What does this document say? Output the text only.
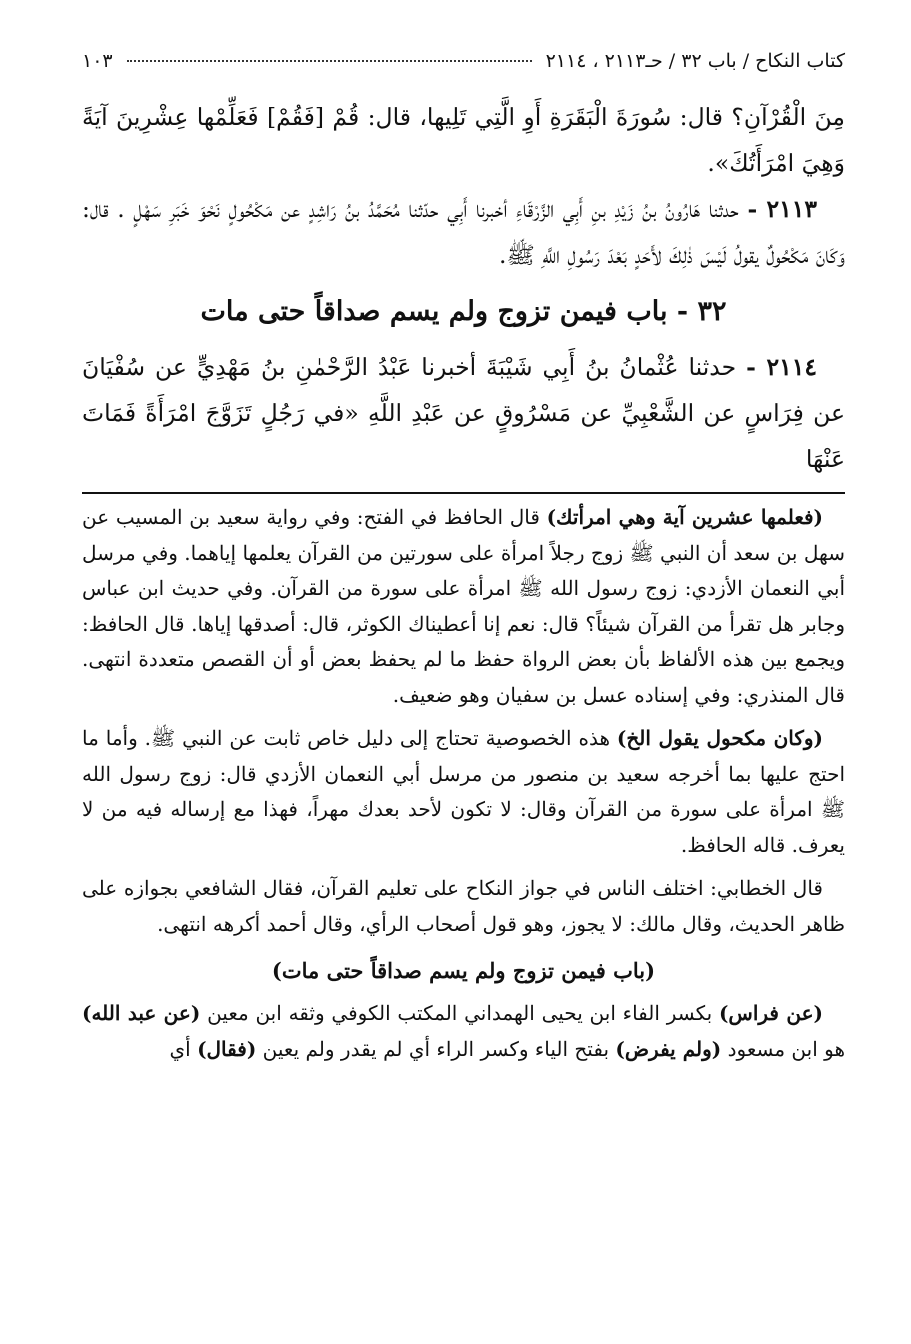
كتاب النكاح / باب ٣٢ / حـ٢١١٣ ، ٢١١٤
١٠٣

مِنَ الْقُرْآنِ؟ قال: سُورَةَ الْبَقَرَةِ أَوِ الَّتِي تَلِيها، قال: قُمْ [فَقُمْ] فَعَلِّمْها عِشْرِينَ آيَةً وَهِيَ امْرَأَتُكَ».

٢١١٣ - حدثنا هَارُونُ بنُ زَيْدِ بنِ أَبِي الزَّرْقَاءِ أخبرنا أَبِي حدّثنا مُحَمَّدُ بنُ رَاشِدٍ عن مَكْحُولٍ نَحْوَ خَبَرِ سَهْلٍ . قال: وَكَانَ مَكْحُولٌ يقولُ لَيْسَ ذٰلِكَ لأَحَدٍ بَعْدَ رَسُولِ اللَّهِ ﷺ.

٣٢ - باب فيمن تزوج ولم يسم صداقاً حتى مات

٢١١٤ - حدثنا عُثْمانُ بنُ أَبِي شَيْبَةَ أخبرنا عَبْدُ الرَّحْمٰنِ بنُ مَهْدِيٍّ عن سُفْيَانَ عن فِرَاسٍ عن الشَّعْبِيِّ عن مَسْرُوقٍ عن عَبْدِ اللَّهِ «في رَجُلٍ تَزَوَّجَ امْرَأَةً فَمَاتَ عَنْهَا

(فعلمها عشرين آية وهي امرأتك) قال الحافظ في الفتح: وفي رواية سعيد بن المسيب عن سهل بن سعد أن النبي ﷺ زوج رجلاً امرأة على سورتين من القرآن يعلمها إياهما. وفي مرسل أبي النعمان الأزدي: زوج رسول الله ﷺ امرأة على سورة من القرآن. وفي حديث ابن عباس وجابر هل تقرأ من القرآن شيئاً؟ قال: نعم إنا أعطيناك الكوثر، قال: أصدقها إياها. قال الحافظ: ويجمع بين هذه الألفاظ بأن بعض الرواة حفظ ما لم يحفظ بعض أو أن القصص متعددة انتهى. قال المنذري: وفي إسناده عسل بن سفيان وهو ضعيف.

(وكان مكحول يقول الخ) هذه الخصوصية تحتاج إلى دليل خاص ثابت عن النبي ﷺ. وأما ما احتج عليها بما أخرجه سعيد بن منصور من مرسل أبي النعمان الأزدي قال: زوج رسول الله ﷺ امرأة على سورة من القرآن وقال: لا تكون لأحد بعدك مهراً، فهذا مع إرساله فيه من لا يعرف. قاله الحافظ.

قال الخطابي: اختلف الناس في جواز النكاح على تعليم القرآن، فقال الشافعي بجوازه على ظاهر الحديث، وقال مالك: لا يجوز، وهو قول أصحاب الرأي، وقال أحمد أكرهه انتهى.

(باب فيمن تزوج ولم يسم صداقاً حتى مات)

(عن فراس) بكسر الفاء ابن يحيى الهمداني المكتب الكوفي وثقه ابن معين (عن عبد الله) هو ابن مسعود (ولم يفرض) بفتح الياء وكسر الراء أي لم يقدر ولم يعين (فقال) أي
